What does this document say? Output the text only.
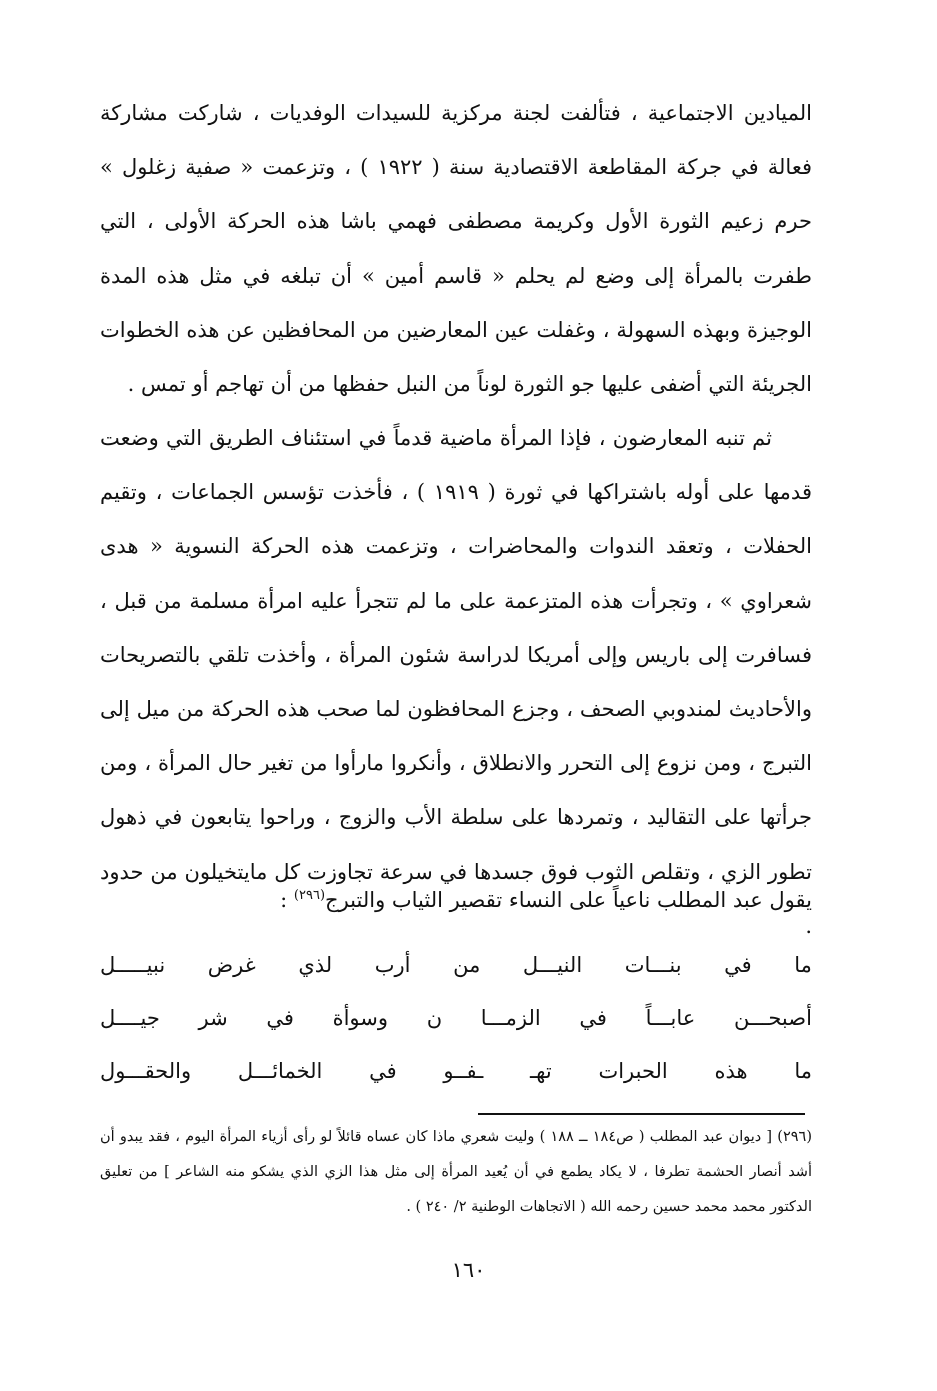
الميادين الاجتماعية ، فتألفت لجنة مركزية للسيدات الوفديات ، شاركت مشاركة فعالة في جركة المقاطعة الاقتصادية سنة ( ١٩٢٢ ) ، وتزعمت « صفية زغلول » حرم زعيم الثورة الأول وكريمة مصطفى فهمي باشا هذه الحركة الأولى ، التي طفرت بالمرأة إلى وضع لم يحلم « قاسم أمين » أن تبلغه في مثل هذه المدة الوجيزة وبهذه السهولة ، وغفلت عين المعارضين من المحافظين عن هذه الخطوات الجريئة التي أضفى عليها جو الثورة لوناً من النبل حفظها من أن تهاجم أو تمس .

ثم تنبه المعارضون ، فإذا المرأة ماضية قدماً في استئناف الطريق التي وضعت قدمها على أوله باشتراكها في ثورة ( ١٩١٩ ) ، فأخذت تؤسس الجماعات ، وتقيم الحفلات ، وتعقد الندوات والمحاضرات ، وتزعمت هذه الحركة النسوية « هدى شعراوي » ، وتجرأت هذه المتزعمة على ما لم تتجرأ عليه امرأة مسلمة من قبل ، فسافرت إلى باريس وإلى أمريكا لدراسة شئون المرأة ، وأخذت تلقي بالتصريحات والأحاديث لمندوبي الصحف ، وجزع المحافظون لما صحب هذه الحركة من ميل إلى التبرج ، ومن نزوع إلى التحرر والانطلاق ، وأنكروا مارأوا من تغير حال المرأة ، ومن جرأتها على التقاليد ، وتمردها على سلطة الأب والزوج ، وراحوا يتابعون في ذهول تطور الزي ، وتقلص الثوب فوق جسدها في سرعة تجاوزت كل مايتخيلون من حدود .

يقول عبد المطلب ناعياً على النساء تقصير الثياب والتبرج$^{(٢٩٦)}$ :

ما في بنـــات النيـــل من أرب لذي غرض نبيـــــل
أصبحـــن عابـــاً في الزمـــا ن وسوأة في شر جيــــل
ما هذه الحبرات تهـ ـفــو في الخمائـــل والحقـــول

(٢٩٦) [ ديوان عبد المطلب ( ص١٨٤ ــ ١٨٨ ) وليت شعري ماذا كان عساه قائلاً لو رأى أزياء المرأة اليوم ، فقد يبدو أن أشد أنصار الحشمة تطرفا ، لا يكاد يطمع في أن يُعيد المرأة إلى مثل هذا الزي الذي يشكو منه الشاعر ] من تعليق الدكتور محمد محمد حسين رحمه الله ( الاتجاهات الوطنية ٢/ ٢٤٠ ) .

١٦٠
